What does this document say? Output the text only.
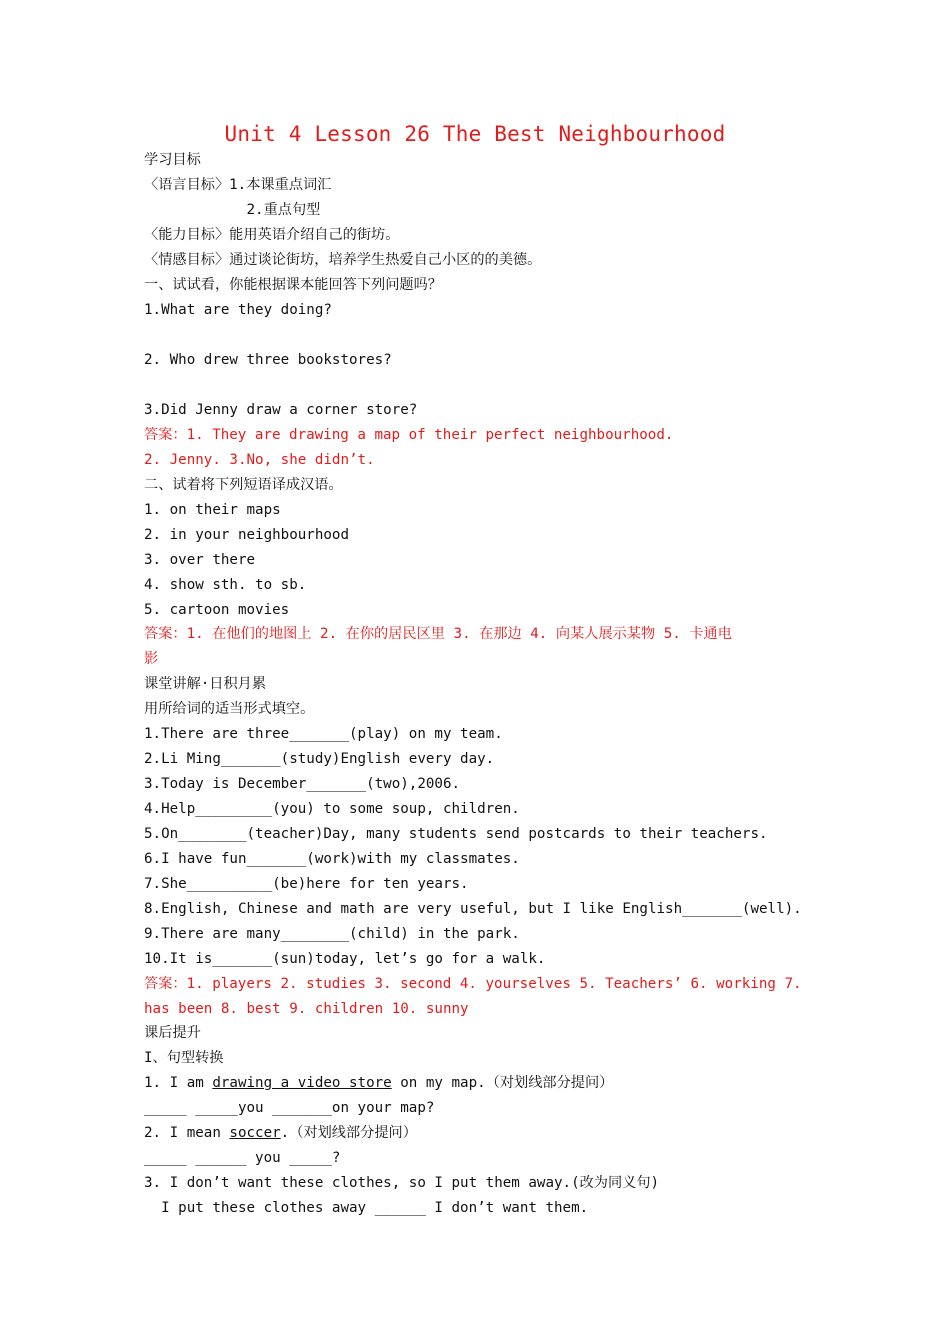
Unit 4 Lesson 26 The Best Neighbourhood
学习目标
〈语言目标〉1.本课重点词汇
2.重点句型
〈能力目标〉能用英语介绍自己的街坊。
〈情感目标〉通过谈论街坊，培养学生热爱自己小区的的美德。
一、试试看，你能根据课本能回答下列问题吗？
1.What are they doing?
2. Who drew three bookstores?
3.Did Jenny draw a corner store?
答案：1. They are drawing a map of their perfect neighbourhood.
2. Jenny. 3.No, she didn’t.
二、试着将下列短语译成汉语。
1. on their maps
2. in your neighbourhood
3. over there
4. show sth. to sb.
5. cartoon movies
答案：1. 在他们的地图上 2. 在你的居民区里 3. 在那边 4. 向某人展示某物 5. 卡通电
影
课堂讲解·日积月累
用所给词的适当形式填空。
1.There are three_______(play) on my team.
2.Li Ming_______(study)English every day.
3.Today is December_______(two),2006.
4.Help_________(you) to some soup, children.
5.On________(teacher)Day, many students send postcards to their teachers.
6.I have fun_______(work)with my classmates.
7.She__________(be)here for ten years.
8.English, Chinese and math are very useful, but I like English_______(well).
9.There are many________(child) in the park.
10.It is_______(sun)today, let’s go for a walk.
答案：1. players 2. studies 3. second 4. yourselves 5. Teachers’ 6. working 7.
has been 8. best 9. children 10. sunny
课后提升
I、句型转换
1. I am drawing a video store on my map.（对划线部分提问）
_____ _____you _______on your map?
2. I mean soccer.（对划线部分提问）
_____ ______ you _____?
3. I don’t want these clothes, so I put them away.(改为同义句)
I put these clothes away ______ I don’t want them.
